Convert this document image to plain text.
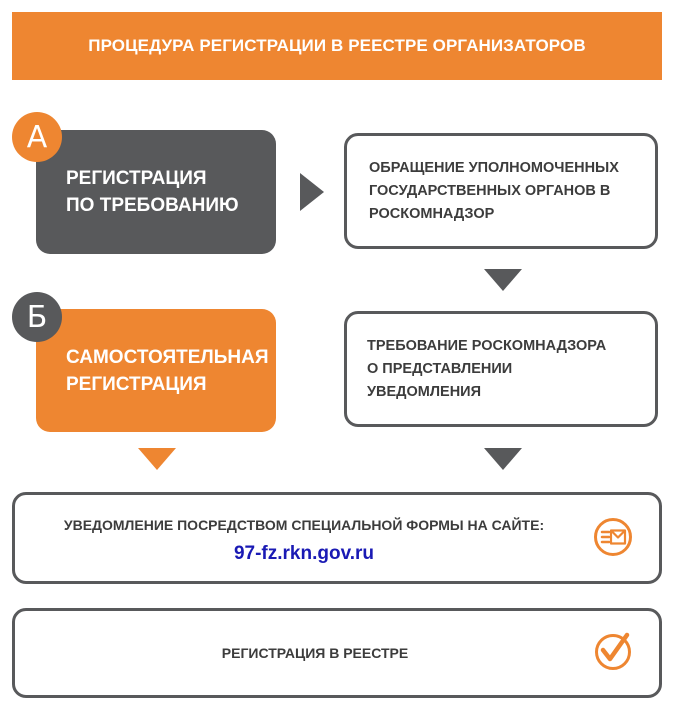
ПРОЦЕДУРА РЕГИСТРАЦИИ В РЕЕСТРЕ ОРГАНИЗАТОРОВ
РЕГИСТРАЦИЯ
ПО ТРЕБОВАНИЮ
А
ОБРАЩЕНИЕ УПОЛНОМОЧЕННЫХ
ГОСУДАРСТВЕННЫХ ОРГАНОВ В
РОСКОМНАДЗОР
САМОСТОЯТЕЛЬНАЯ
РЕГИСТРАЦИЯ
Б
ТРЕБОВАНИЕ РОСКОМНАДЗОРА
О ПРЕДСТАВЛЕНИИ
УВЕДОМЛЕНИЯ
УВЕДОМЛЕНИЕ ПОСРЕДСТВОМ СПЕЦИАЛЬНОЙ ФОРМЫ НА САЙТЕ:
97-fz.rkn.gov.ru
РЕГИСТРАЦИЯ В РЕЕСТРЕ
